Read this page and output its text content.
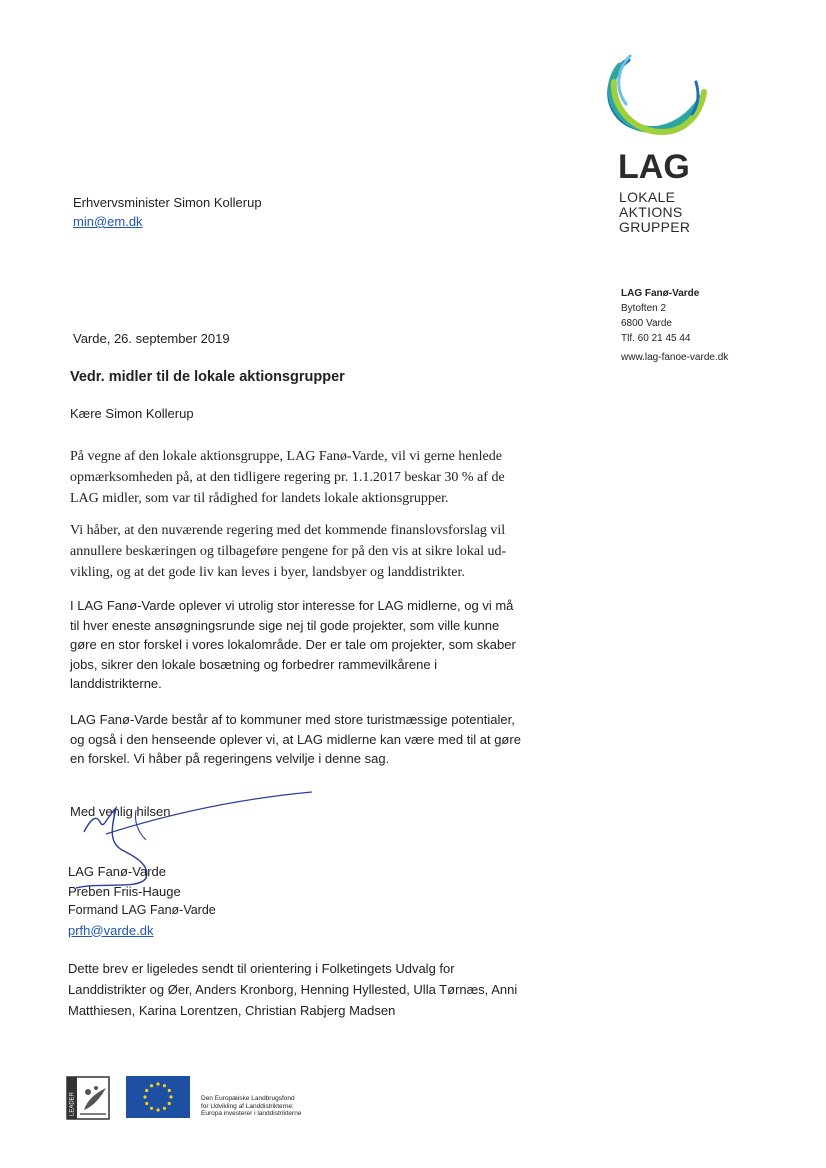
LAG
LOKALE
AKTIONS
GRUPPER
LAG Fanø-Varde
Bytoften 2
6800 Varde
Tlf. 60 21 45 44
www.lag-fanoe-varde.dk
Erhvervsminister Simon Kollerup
min@em.dk
Varde, 26. september 2019
Vedr. midler til de lokale aktionsgrupper
Kære Simon Kollerup

På vegne af den lokale aktionsgruppe, LAG Fanø-Varde, vil vi gerne henlede

opmærksomheden på, at den tidligere regering pr. 1.1.2017 beskar 30 % af de

LAG midler, som var til rådighed for landets lokale aktionsgrupper.

Vi håber, at den nuværende regering med det kommende finanslovsforslag vil

annullere beskæringen og tilbageføre pengene for på den vis at sikre lokal ud-

vikling, og at det gode liv kan leves i byer, landsbyer og landdistrikter.

I LAG Fanø-Varde oplever vi utrolig stor interesse for LAG midlerne, og vi må

til hver eneste ansøgningsrunde sige nej til gode projekter, som ville kunne

gøre en stor forskel i vores lokalområde. Der er tale om projekter, som skaber

jobs, sikrer den lokale bosætning og forbedrer rammevilkårene i

landdistrikterne.

LAG Fanø-Varde består af to kommuner med store turistmæssige potentialer,

og også i den henseende oplever vi, at LAG midlerne kan være med til at gøre

en forskel. Vi håber på regeringens velvilje i denne sag.

Med venlig hilsen
LAG Fanø-Varde
Preben Friis-Hauge
Formand LAG Fanø-Varde
prfh@varde.dk
Dette brev er ligeledes sendt til orientering i Folketingets Udvalg for
Landdistrikter og Øer, Anders Kronborg, Henning Hyllested, Ulla Tørnæs, Anni
Matthiesen, Karina Lorentzen, Christian Rabjerg Madsen
LEADER	Den Europæiske Landbrugsfond
for Udvikling af Landdistrikterne:
Europa investerer i landdistrikterne
